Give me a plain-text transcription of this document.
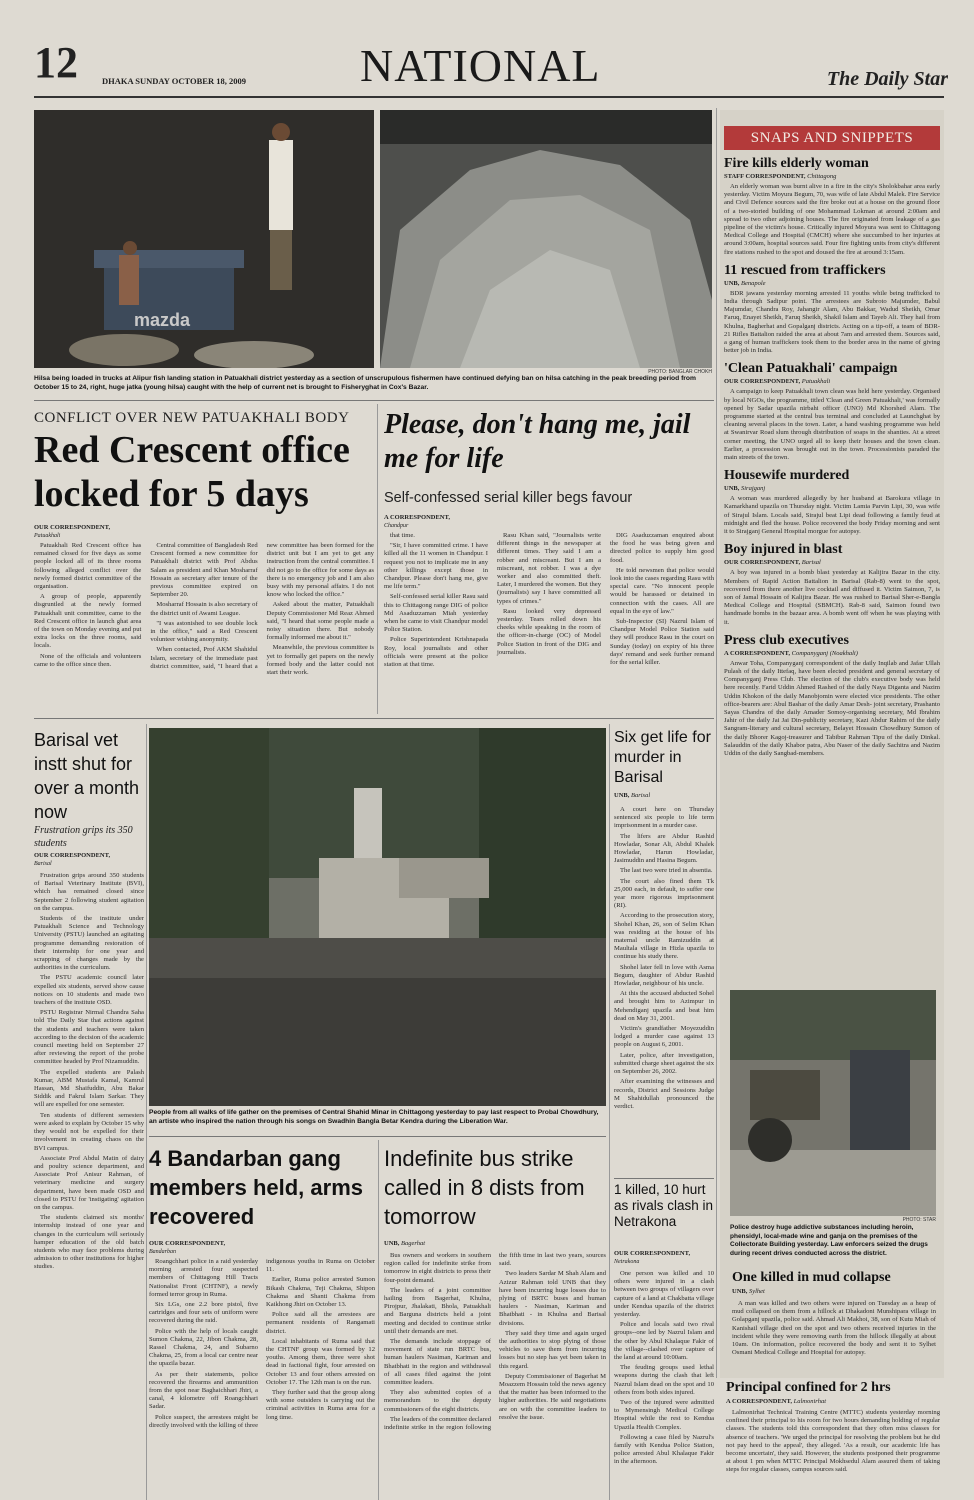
12	DHAKA SUNDAY OCTOBER 18, 2009	NATIONAL	The Daily Star
mazda
PHOTO: BANGLAR CHOKH
Hilsa being loaded in trucks at Alipur fish landing station in Patuakhali district yesterday as a section of unscrupulous fishermen have continued defying ban on hilsa catching in the peak breeding period from October 15 to 24, right, huge jatka (young hilsa) caught with the help of current net is brought to Fisheryghat in Cox's Bazar.
CONFLICT OVER NEW PATUAKHALI BODY
Red Crescent office locked for 5 days
OUR CORRESPONDENT,
Patuakhali

Patuakhali Red Crescent office has remained closed for five days as some people locked all of its three rooms following alleged conflict over the newly formed district committee of the organisation.

A group of people, apparently disgruntled at the newly formed Patuakhali unit committee, came to the Red Crescent office in launch ghat area of the town on Monday evening and put extra locks on the three rooms, said locals.

None of the officials and volunteers came to the office since then.

Central committee of Bangladesh Red Crescent formed a new committee for Patuakhali district with Prof Abdus Salam as president and Khan Mosharraf Hossain as secretary after tenure of the previous committee expired on September 20.

Mosharraf Hossain is also secretary of the district unit of Awami League.

"I was astonished to see double lock in the office," said a Red Crescent volunteer wishing anonymity.

When contacted, Prof AKM Shahidul Islam, secretary of the immediate past district committee, said, "I heard that a new committee has been formed for the district unit but I am yet to get any instruction from the central committee. I did not go to the office for some days as there is no emergency job and I am also busy with my personal affairs. I do not know who locked the office."

Asked about the matter, Patuakhali Deputy Commissioner Md Reaz Ahmed said, "I heard that some people made a noisy situation there. But nobody formally informed me about it."

Meanwhile, the previous committee is yet to formally get papers on the newly formed body and the latter could not start their work.

Please, don't hang me, jail me for life
Self-confessed serial killer begs favour
A CORRESPONDENT,
Chandpur

that time.

"Sir, I have committed crime. I have killed all the 11 women in Chandpur. I request you not to implicate me in any other killings except those in Chandpur. Please don't hang me, give me life term."

Self-confessed serial killer Rasu said this to Chittagong range DIG of police Md Asaduzzaman Miah yesterday when he came to visit Chandpur model Police Station.

Police Superintendent Krishnapada Roy, local journalists and other officials were present at the police station at that time.

Rasu Khan said, "Journalists write different things in the newspaper at different times. They said I am a robber and miscreant. But I am a miscreant, not robber. I was a dye worker and also committed theft. Later, I murdered the women. But they (journalists) say I have committed all types of crimes."

Rasu looked very depressed yesterday. Tears rolled down his cheeks while speaking in the room of the officer-in-charge (OC) of Model Police Station in front of the DIG and journalists.

DIG Asaduzzaman enquired about the food he was being given and directed police to supply him good food.

He told newsmen that police would look into the cases regarding Rasu with special care. "No innocent people would be harassed or detained in connection with the cases. All are equal in the eye of law."

Sub-Inspector (SI) Nazrul Islam of Chandpur Model Police Station said they will produce Rasu in the court on Sunday (today) on expiry of his three days' remand and seek further remand for the serial killer.

Barisal vet instt shut for over a month now
Frustration grips its 350 students
OUR CORRESPONDENT,
Barisal

Frustration grips around 350 students of Barisal Veterinary Institute (BVI), which has remained closed since September 2 following student agitation on the campus.

Students of the institute under Patuakhali Science and Technology University (PSTU) launched an agitating programme demanding restoration of their internship for one year and scrapping of changes made by the authorities in the curriculum.

The PSTU academic council later expelled six students, served show cause notices on 10 students and made two teachers of the institute OSD.

PSTU Registrar Nirmal Chandra Saha told The Daily Star that actions against the students and teachers were taken according to the decision of the academic council meeting held on September 27 after reviewing the report of the probe committee headed by Prof Nizamuddin.

The expelled students are Palash Kumar, ABM Mustafa Kamal, Kamrul Hassan, Md Shaifuddin, Abu Bakar Siddik and Fakrul Islam Sarkar. They will are expelled for one semester.

Ten students of different semesters were asked to explain by October 15 why they would not be expelled for their involvement in creating chaos on the BVI campus.

Associate Prof Abdul Matin of dairy and poultry science department, and Associate Prof Anisur Rahman, of veterinary medicine and surgery department, have been made OSD and closed to PSTU for 'instigating' agitation on the campus.

The students claimed six months' internship instead of one year and changes in the curriculum will seriously hamper education of the old batch students who may face problems during admission to other institutions for higher studies.

People from all walks of life gather on the premises of Central Shahid Minar in Chittagong yesterday to pay last respect to Probal Chowdhury, an artiste who inspired the nation through his songs on Swadhin Bangla Betar Kendra during the Liberation War.
4 Bandarban gang members held, arms recovered
OUR CORRESPONDENT,
Bandarban

Roangchhari police in a raid yesterday morning arrested four suspected members of Chittagong Hill Tracts Nationalist Front (CHTNF), a newly formed terror group in Ruma.

Six LGs, one 2.2 bore pistol, five cartridges and four sets of uniform were recovered during the raid.

Police with the help of locals caught Sumon Chakma, 22, Jibon Chakma, 28, Rassel Chakma, 24, and Subarno Chakma, 25, from a local car centre near the upazila bazar.

As per their statements, police recovered the firearms and ammunition from the spot near Baghaichhari Jhiri, a canal, 4 kilometre off Roangchhari Sadar.

Police suspect, the arrestees might be directly involved with the killing of three indigenous youths in Ruma on October 11.

Earlier, Ruma police arrested Sumon Bikash Chakma, Teji Chakma, Shipon Chakma and Shanti Chakma from Kaikhong Jhiri on October 13.

Police said all the arrestees are permanent residents of Rangamati district.

Local inhabitants of Ruma said that the CHTNF group was formed by 12 youths. Among them, three were shot dead in factional fight, four arrested on October 13 and four others arrested on October 17. The 12th man is on the run.

They further said that the group along with some outsiders is carrying out the criminal activities in Ruma area for a long time.

Indefinite bus strike called in 8 dists from tomorrow
UNB, Bagerhat

Bus owners and workers in southern region called for indefinite strike from tomorrow in eight districts to press their four-point demand.

The leaders of a joint committee hailing from Bagerhat, Khulna, Pirojpur, Jhalakati, Bhola, Patuakhali and Barguna districts held a joint meeting and decided to continue strike until their demands are met.

The demands include stoppage of movement of state run BRTC bus, human haulers Nasiman, Kariman and Bhatbhati in the region and withdrawal of all cases filed against the joint committee leaders.

They also submitted copies of a memorandum to the deputy commissioners of the eight districts.

The leaders of the committee declared indefinite strike in the region following the fifth time in last two years, sources said.

Two leaders Sardar M Shah Alam and Azizur Rahman told UNB that they have been incurring huge losses due to plying of BRTC buses and human haulers - Nasiman, Kariman and Bhatbhati - in Khulna and Barisal divisions.

They said they time and again urged the authorities to stop plying of those vehicles to save them from incurring losses but no step has yet been taken in this regard.

Deputy Commissioner of Bagerhat M Moazzem Hossain told the news agency that the matter has been informed to the higher authorities. He said negotiations are on with the committee leaders to resolve the issue.

Six get life for murder in Barisal
UNB, Barisal

A court here on Thursday sentenced six people to life term imprisonment in a murder case.

The lifers are Abdur Rashid Howladar, Sonar Ali, Abdul Khalek Howladar, Harun Howladar, Jasimuddin and Hasina Begum.

The last two were tried in absentia.

The court also fined them Tk 25,000 each, in default, to suffer one year more rigorous imprisonment (RI).

According to the prosecution story, Shohel Khan, 26, son of Selim Khan was residing at the house of his maternal uncle Ramizuddin at Maultala village in Hizla upazila to continue his study there.

Shohel later fell in love with Asma Begum, daughter of Abdur Rashid Howladar, neighbour of his uncle.

At this the accused abducted Sohel and brought him to Azimpur in Mehendiganj upazila and beat him dead on May 31, 2001.

Victim's grandfather Moyezuddin lodged a murder case against 13 people on August 6, 2001.

Later, police, after investigation, submitted charge sheet against the six on September 26, 2002.

After examining the witnesses and records, District and Sessions Judge M Shahidullah pronounced the verdict.

1 killed, 10 hurt as rivals clash in Netrakona
OUR CORRESPONDENT,
Netrakona

One person was killed and 10 others were injured in a clash between two groups of villagers over capture of a land at Chakbatta village under Kendua upazila of the district yesterday.

Police and locals said two rival groups--one led by Nazrul Islam and the other by Abul Khalaque Fakir of the village--clashed over capture of the land at around 10:00am.

The feuding groups used lethal weapons during the clash that left Nazrul Islam dead on the spot and 10 others from both sides injured.

Two of the injured were admitted to Mymensingh Medical College Hospital while the rest to Kendua Upazila Health Complex.

Following a case filed by Nazrul's family with Kendua Police Station, police arrested Abul Khalaque Fakir in the afternoon.

SNAPS AND SNIPPETS
Fire kills elderly woman
STAFF CORRESPONDENT, Chittagong
An elderly woman was burnt alive in a fire in the city's Sholokbahar area early yesterday. Victim Moyura Begum, 70, was wife of late Abdul Malek. Fire Service and Civil Defence sources said the fire broke out at a house on the ground floor of a two-storied building of one Mohammad Lokman at around 2:00am and spread to two other adjoining houses. The fire originated from leakage of a gas pipeline of the victim's house. Critically injured Moyura was sent to Chittagong Medical College and Hospital (CMCH) where she succumbed to her injuries at around 3:00am, hospital sources said. Four fire fighting units from city's different fire stations rushed to the spot and doused the fire at around 3:15am.
11 rescued from traffickers
UNB, Benapole
BDR jawans yesterday morning arrested 11 youths while being trafficked to India through Sadipur point. The arrestees are Subroto Majumder, Babul Majumdar, Chandra Roy, Jahangir Alam, Abu Bakkar, Wadud Sheikh, Omar Faruq, Enayet Sheikh, Faruq Sheikh, Shakil Islam and Tayeb Ali. They hail from Khulna, Bagherhat and Gopalganj districts. Acting on a tip-off, a team of BDR-21 Rifles Battalion raided the area at about 7am and arrested them. Sources said, a gang of human traffickers took them to the border area in the name of giving better job in India.
'Clean Patuakhali' campaign
OUR CORRESPONDENT, Patuakhali
A campaign to keep Patuakhali town clean was held here yesterday. Organised by local NGOs, the programme, titled 'Clean and Green Patuakhali,' was formally opened by Sadar upazila nirbahi officer (UNO) Md Khorshed Alam. The programme started at the central bus terminal and concluded at Launchghat by cleaning several places in the town. Later, a hand washing programme was held at Swanirvar Road slum through distribution of soaps in the shanties. At a street corner meeting, the UNO urged all to keep their houses and the town clean. Earlier, a procession was brought out in the town. Processionists paraded the main streets of the town.
Housewife murdered
UNB, Sirajganj
A woman was murdered allegedly by her husband at Barokura village in Kamarkhand upazila on Thursday night. Victim Lamia Parvin Lipi, 30, was wife of Sirajul Islam. Locals said, Sirajul beat Lipi dead following a family feud at midnight and fled the house. Police recovered the body Friday morning and sent it to Sirajganj General Hospital morgue for autopsy.
Boy injured in blast
OUR CORRESPONDENT, Barisal
A boy was injured in a bomb blast yesterday at Kalijira Bazar in the city. Members of Rapid Action Battalion in Barisal (Rab-8) went to the spot, recovered from there another live cocktail and diffused it. Victim Saimon, 7, is son of Jamal Hossain of Kalijira Bazar. He was rushed to Barisal Sher-e-Bangla Medical College and Hospital (SBMCH). Rab-8 said, Saimon found two handmade bombs in the bazaar area. A bomb went off when he was playing with it.
Press club executives
A CORRESPONDENT, Companyganj (Noakhali)
Anwar Toha, Companyganj correspondent of the daily Inqilab and Jafar Ullah Pulash of the daily Ittefaq, have been elected president and general secretary of Companyganj Press Club. The election of the club's executive body was held here recently. Farid Uddin Ahmed Rashed of the daily Naya Diganta and Nazim Uddin Khokon of the daily Manobjomin were elected vice presidents. The other office-bearers are: Abul Bashar of the daily Amar Desh- joint secretary, Prashanto Sayas Chandra of the daily Amader Somoy-organising secretary, Md Ibrahim Jahir of the daily Jai Jai Din-publicity secretary, Kazi Abdur Rahim of the daily Sangram-literary and cultural secretary, Belayet Hossain Chowdhury Sumon of the daily Bhorer Kagoj-treasurer and Tabibur Rahman Tipu of the daily Dinkal. Salauddin of the daily Khabor patra, Abu Naser of the daily Sachitra and Nazim Uddin of the daily Sangbad-members.
PHOTO: STAR
Police destroy huge addictive substances including heroin, phensidyl, local-made wine and ganja on the premises of the Collectorate Building yesterday. Law enforcers seized the drugs during recent drives conducted across the district.
One killed in mud collapse
UNB, Sylhet
A man was killed and two others were injured on Tuesday as a heap of mud collapsed on them from a hillock at Dhakadoni Munshipara village in Golapganj upazila, police said. Ahmad Ali Makhoi, 38, son of Kutu Miah of Kanishail village died on the spot and two others received injuries in the incident while they were removing earth from the hillock illegally at about 10am. On information, police recovered the body and sent it to Sylhet Osmani Medical College and Hospital for autopsy.
Principal confined for 2 hrs
A CORRESPONDENT, Lalmonirhat
Lalmonirhat Technical Training Centre (MTTC) students yesterday morning confined their principal to his room for two hours demanding holding of regular classes. The students told this correspondent that they often miss classes for absence of teachers. 'We urged the principal for resolving the problem but he did not pay heed to the appeal', they alleged. 'As a result, our academic life has become uncertain', they said. However, the students postponed their programme at about 1 pm when MTTC Principal Mokhsedul Alam assured them of taking steps for regular classes, campus sources said.
